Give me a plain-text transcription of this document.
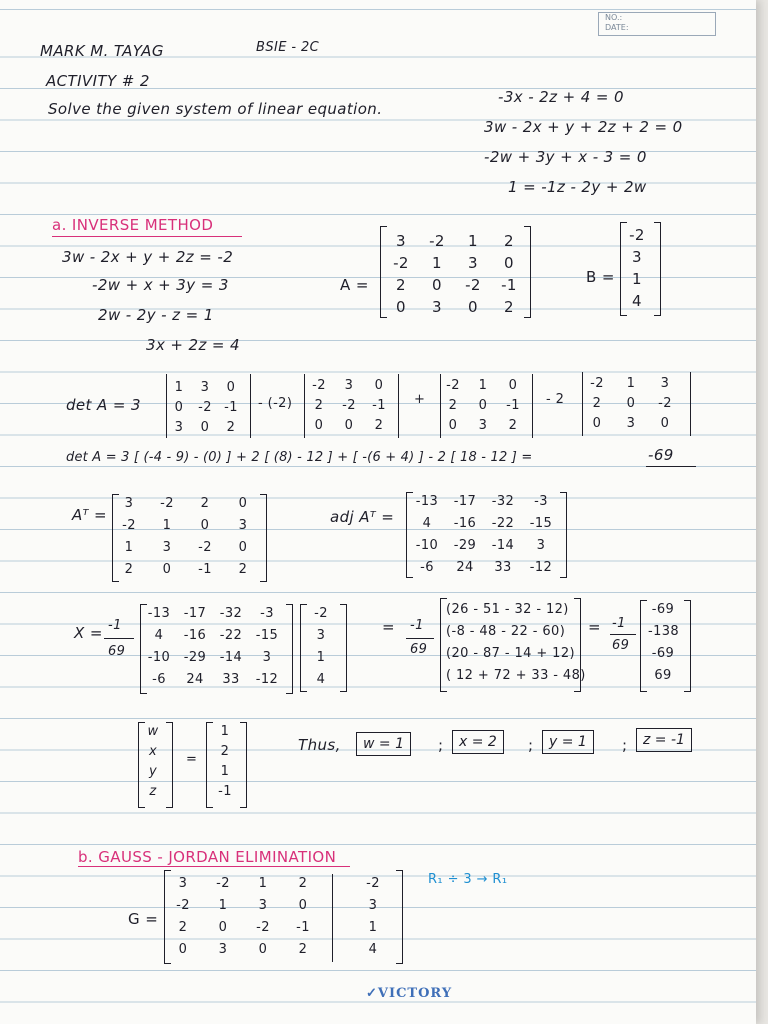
NO.:
DATE:
MARK M. TAYAG	BSIE - 2C
ACTIVITY # 2
Solve the given system of linear equation.
-3x - 2z + 4 = 0
3w - 2x + y + 2z + 2 = 0
-2w + 3y + x - 3 = 0
1 = -1z - 2y + 2w
a. INVERSE METHOD
3w - 2x + y + 2z = -2
-2w + x + 3y = 3
2w - 2y - z = 1
3x + 2z = 4
A =
3	-2	1	2
-2	1	3	0
2	0	-2	-1
0	3	0	2
B =
-2
3
1
4
det A = 3
1	3	0
0	-2 -1
3	0	2
- (-2)
-2	3	0
2	-2	-1
0	0	2
+
-2	1	0
2	0	-1
0	3	2
- 2
-2	1	3
2	0	-2
0	3	0
det A = 3 [ (-4 - 9) - (0) ] + 2 [ (8) - 12 ] + [ -(6 + 4) ] - 2 [ 18 - 12 ] =	-69
Aᵀ =
3	-2	2	0
-2	1	0	3
1	3	-2	0
2	0	-1	2
adj Aᵀ =
-13 -17 -32	-3
4	-16 -22 -15
-10 -29 -14	3
-6	24	33	-12
X = -1
69
-13 -17 -32	-3
4	-16 -22 -15
-10 -29 -14	3
-6	24	33	-12
-2
3
1
4
= -1
69
(26 - 51 - 32 - 12)
(-8 - 48 - 22 - 60)
(20 - 87 - 14 + 12)
( 12 + 72 + 33 - 48)
= -1
69
-69
-138
-69
69
w
x
y
z
=
1
2
1
-1
Thus,	w = 1	;	x = 2	;	y = 1	;	z = -1
b. GAUSS - JORDAN ELIMINATION
G =
3	-2	1	2
-2	1	3	0
2	0	-2	-1
0	3	0	2
-2
3
1
4
R₁ ÷ 3 → R₁
✓VICTORY
